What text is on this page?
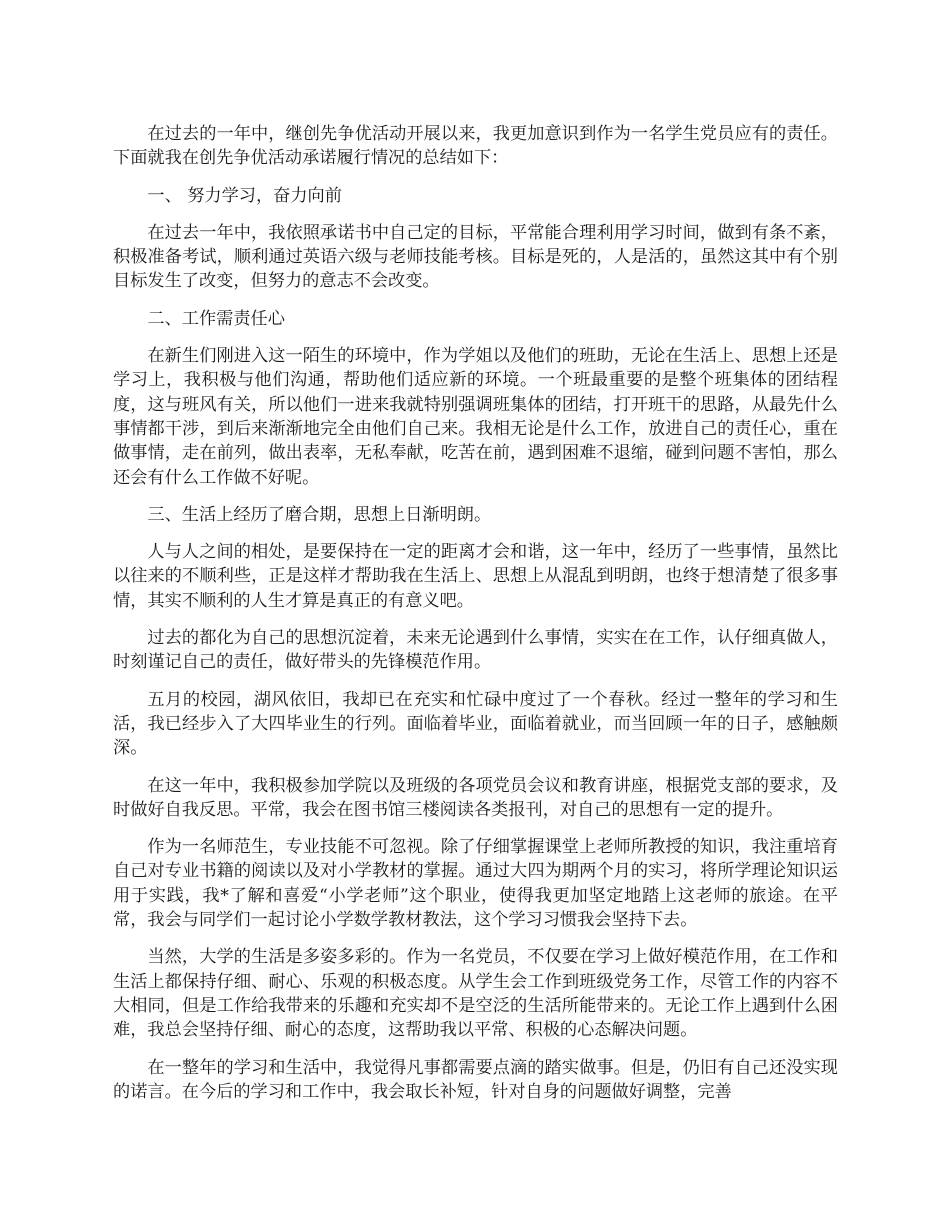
在过去的一年中，继创先争优活动开展以来，我更加意识到作为一名学生党员应有的责任。下面就我在创先争优活动承诺履行情况的总结如下：

一、 努力学习，奋力向前

在过去一年中，我依照承诺书中自己定的目标，平常能合理利用学习时间，做到有条不紊，积极准备考试，顺利通过英语六级与老师技能考核。目标是死的，人是活的，虽然这其中有个别目标发生了改变，但努力的意志不会改变。

二、工作需责任心

在新生们刚进入这一陌生的环境中，作为学姐以及他们的班助，无论在生活上、思想上还是学习上，我积极与他们沟通，帮助他们适应新的环境。一个班最重要的是整个班集体的团结程度，这与班风有关，所以他们一进来我就特别强调班集体的团结，打开班干的思路，从最先什么事情都干涉，到后来渐渐地完全由他们自己来。我相无论是什么工作，放进自己的责任心，重在做事情，走在前列，做出表率，无私奉献，吃苦在前，遇到困难不退缩，碰到问题不害怕，那么还会有什么工作做不好呢。

三、生活上经历了磨合期，思想上日渐明朗。

人与人之间的相处，是要保持在一定的距离才会和谐，这一年中，经历了一些事情，虽然比以往来的不顺利些，正是这样才帮助我在生活上、思想上从混乱到明朗，也终于想清楚了很多事情，其实不顺利的人生才算是真正的有意义吧。

过去的都化为自己的思想沉淀着，未来无论遇到什么事情，实实在在工作，认仔细真做人，时刻谨记自己的责任，做好带头的先锋模范作用。

五月的校园，湖风依旧，我却已在充实和忙碌中度过了一个春秋。经过一整年的学习和生活，我已经步入了大四毕业生的行列。面临着毕业，面临着就业，而当回顾一年的日子，感触颇深。

在这一年中，我积极参加学院以及班级的各项党员会议和教育讲座，根据党支部的要求，及时做好自我反思。平常，我会在图书馆三楼阅读各类报刊，对自己的思想有一定的提升。

作为一名师范生，专业技能不可忽视。除了仔细掌握课堂上老师所教授的知识，我注重培育自己对专业书籍的阅读以及对小学教材的掌握。通过大四为期两个月的实习，将所学理论知识运用于实践，我*了解和喜爱“小学老师”这个职业，使得我更加坚定地踏上这老师的旅途。在平常，我会与同学们一起讨论小学数学教材教法，这个学习习惯我会坚持下去。

当然，大学的生活是多姿多彩的。作为一名党员，不仅要在学习上做好模范作用，在工作和生活上都保持仔细、耐心、乐观的积极态度。从学生会工作到班级党务工作，尽管工作的内容不大相同，但是工作给我带来的乐趣和充实却不是空泛的生活所能带来的。无论工作上遇到什么困难，我总会坚持仔细、耐心的态度，这帮助我以平常、积极的心态解决问题。

在一整年的学习和生活中，我觉得凡事都需要点滴的踏实做事。但是，仍旧有自己还没实现的诺言。在今后的学习和工作中，我会取长补短，针对自身的问题做好调整，完善
